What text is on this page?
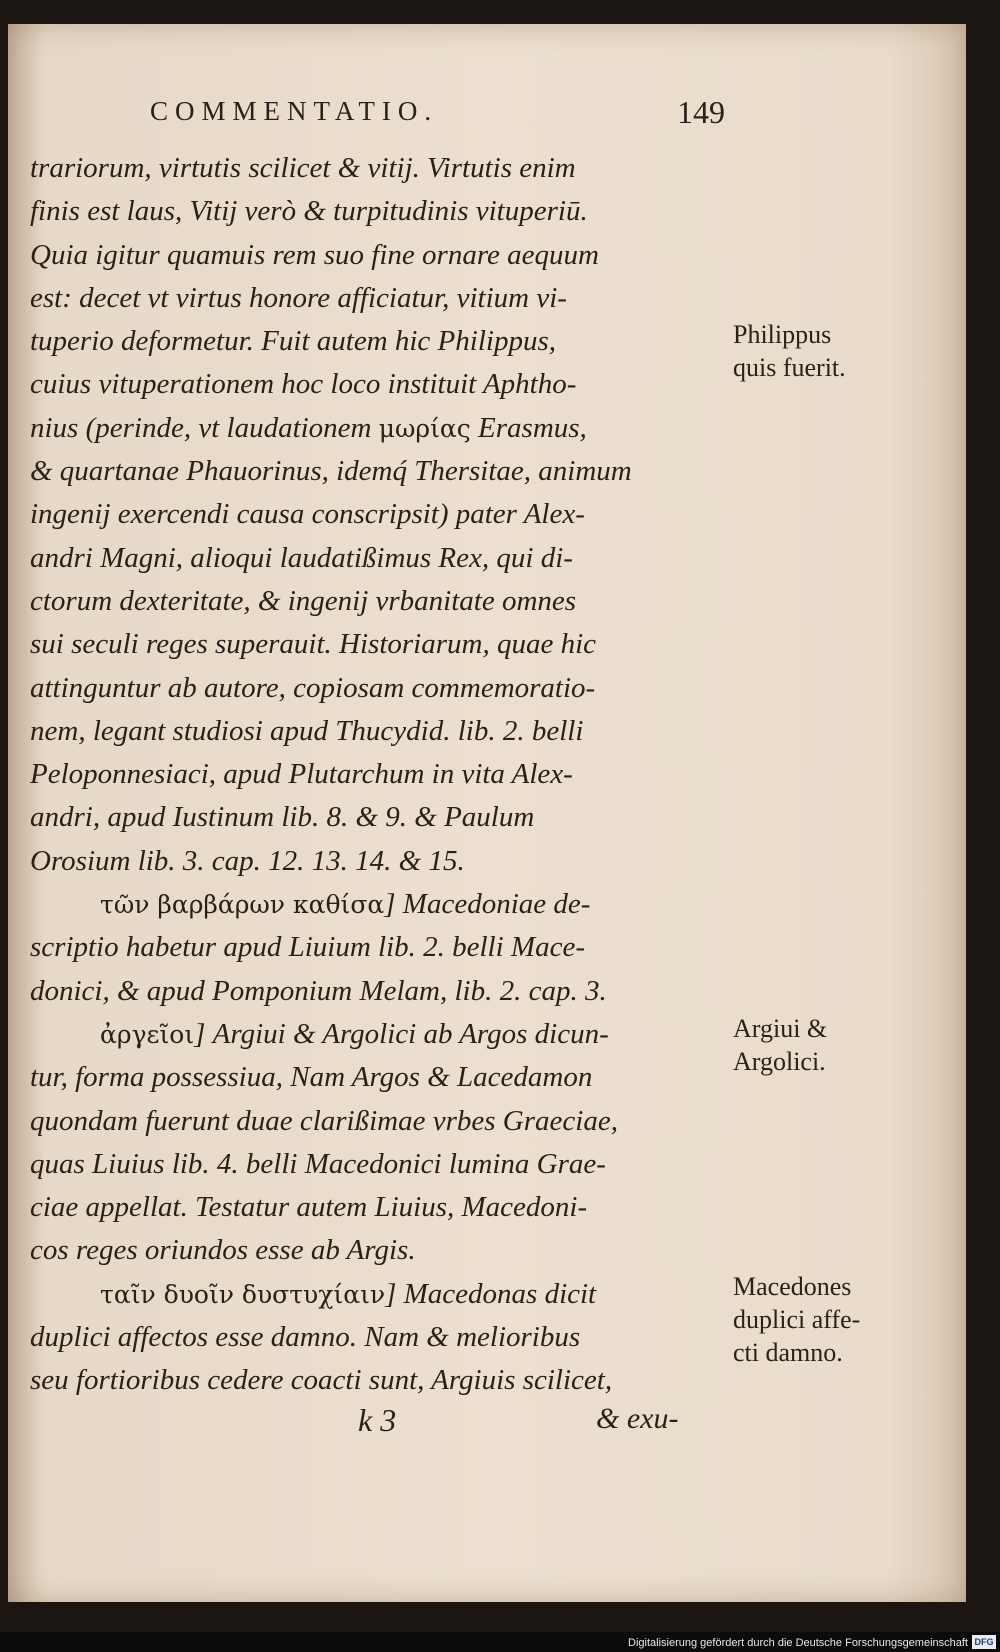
COMMENTATIO.	149
trariorum, virtutis scilicet & vitij. Virtutis enim
finis est laus, Vitij verò & turpitudinis vituperiū.
Quia igitur quamuis rem suo fine ornare aequum
est: decet vt virtus honore afficiatur, vitium vi-
tuperio deformetur. Fuit autem hic Philippus,
cuius vituperationem hoc loco instituit Aphtho-
nius (perinde, vt laudationem μωρίας Erasmus,
& quartanae Phauorinus, idemq́ Thersitae, animum
ingenij exercendi causa conscripsit) pater Alex-
andri Magni, alioqui laudatißimus Rex, qui di-
ctorum dexteritate, & ingenij vrbanitate omnes
sui seculi reges superauit. Historiarum, quae hic
attinguntur ab autore, copiosam commemoratio-
nem, legant studiosi apud Thucydid. lib. 2. belli
Peloponnesiaci, apud Plutarchum in vita Alex-
andri, apud Iustinum lib. 8. & 9. & Paulum
Orosium lib. 3. cap. 12. 13. 14. & 15.
τῶν βαρβάρων καθίσα] Macedoniae de-
scriptio habetur apud Liuium lib. 2. belli Mace-
donici, & apud Pomponium Melam, lib. 2. cap. 3.
ἀργεῖοι] Argiui & Argolici ab Argos dicun-
tur, forma possessiua, Nam Argos & Lacedamon
quondam fuerunt duae clarißimae vrbes Graeciae,
quas Liuius lib. 4. belli Macedonici lumina Grae-
ciae appellat. Testatur autem Liuius, Macedoni-
cos reges oriundos esse ab Argis.
ταῖν δυοῖν δυστυχίαιν] Macedonas dicit
duplici affectos esse damno. Nam & melioribus
seu fortioribus cedere coacti sunt, Argiuis scilicet,
Philippus
quis fuerit.
Argiui &
Argolici.
Macedones
duplici affe-
cti damno.
k 3	& exu-
Digitalisierung gefördert durch die Deutsche Forschungsgemeinschaft DFG
